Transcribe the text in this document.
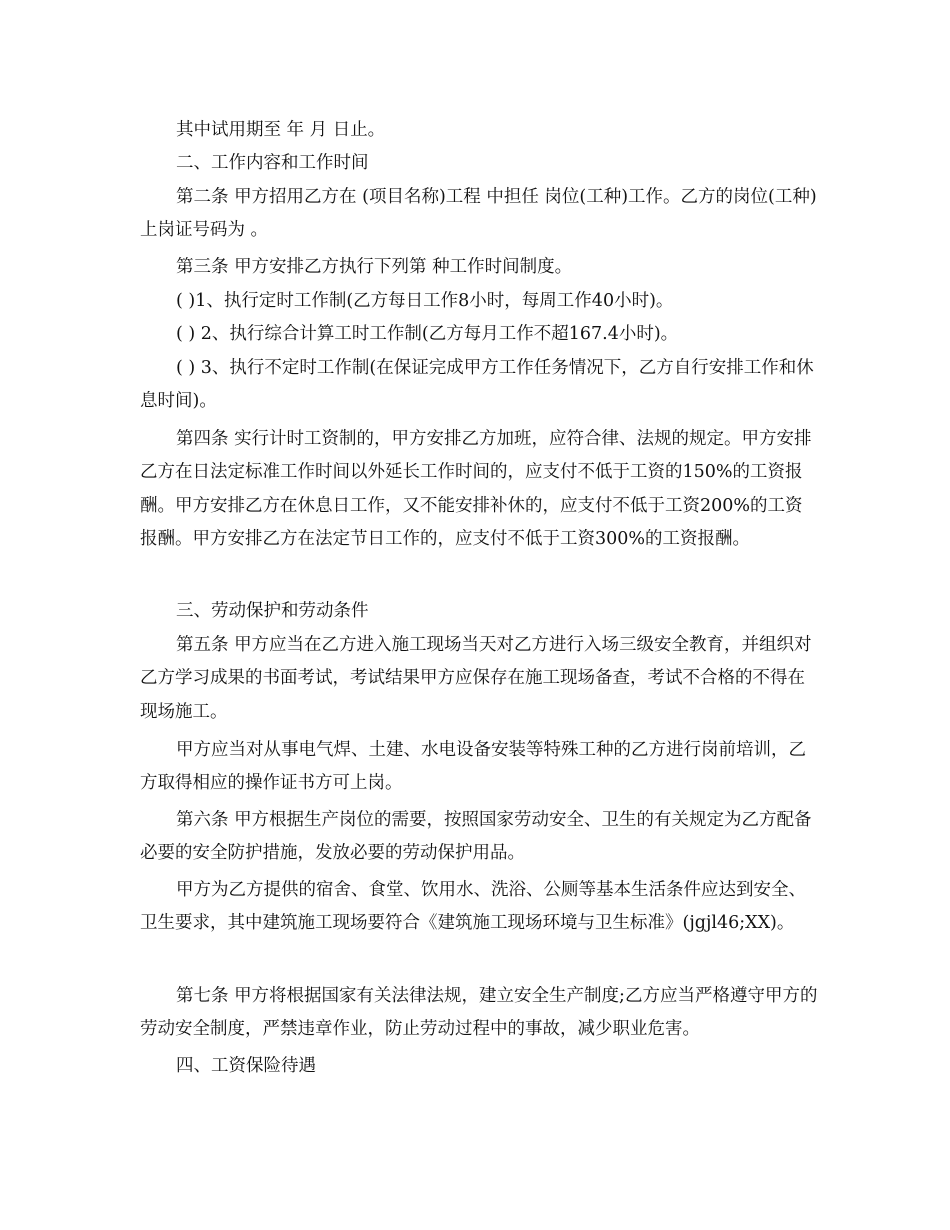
其中试用期至 年 月 日止。

二、工作内容和工作时间

第二条 甲方招用乙方在 (项目名称)工程 中担任 岗位(工种)工作。乙方的岗位(工种)上岗证号码为 。

第三条 甲方安排乙方执行下列第 种工作时间制度。

( )1、执行定时工作制(乙方每日工作8小时，每周工作40小时)。

( ) 2、执行综合计算工时工作制(乙方每月工作不超167.4小时)。

( ) 3、执行不定时工作制(在保证完成甲方工作任务情况下，乙方自行安排工作和休息时间)。

第四条 实行计时工资制的，甲方安排乙方加班，应符合律、法规的规定。甲方安排乙方在日法定标准工作时间以外延长工作时间的，应支付不低于工资的150%的工资报酬。甲方安排乙方在休息日工作，又不能安排补休的，应支付不低于工资200%的工资报酬。甲方安排乙方在法定节日工作的，应支付不低于工资300%的工资报酬。

三、劳动保护和劳动条件

第五条 甲方应当在乙方进入施工现场当天对乙方进行入场三级安全教育，并组织对乙方学习成果的书面考试，考试结果甲方应保存在施工现场备查，考试不合格的不得在现场施工。

甲方应当对从事电气焊、土建、水电设备安装等特殊工种的乙方进行岗前培训，乙方取得相应的操作证书方可上岗。

第六条 甲方根据生产岗位的需要，按照国家劳动安全、卫生的有关规定为乙方配备必要的安全防护措施，发放必要的劳动保护用品。

甲方为乙方提供的宿舍、食堂、饮用水、洗浴、公厕等基本生活条件应达到安全、卫生要求，其中建筑施工现场要符合《建筑施工现场环境与卫生标准》(jgjl46;XX)。

第七条 甲方将根据国家有关法律法规，建立安全生产制度;乙方应当严格遵守甲方的劳动安全制度，严禁违章作业，防止劳动过程中的事故，减少职业危害。

四、工资保险待遇
